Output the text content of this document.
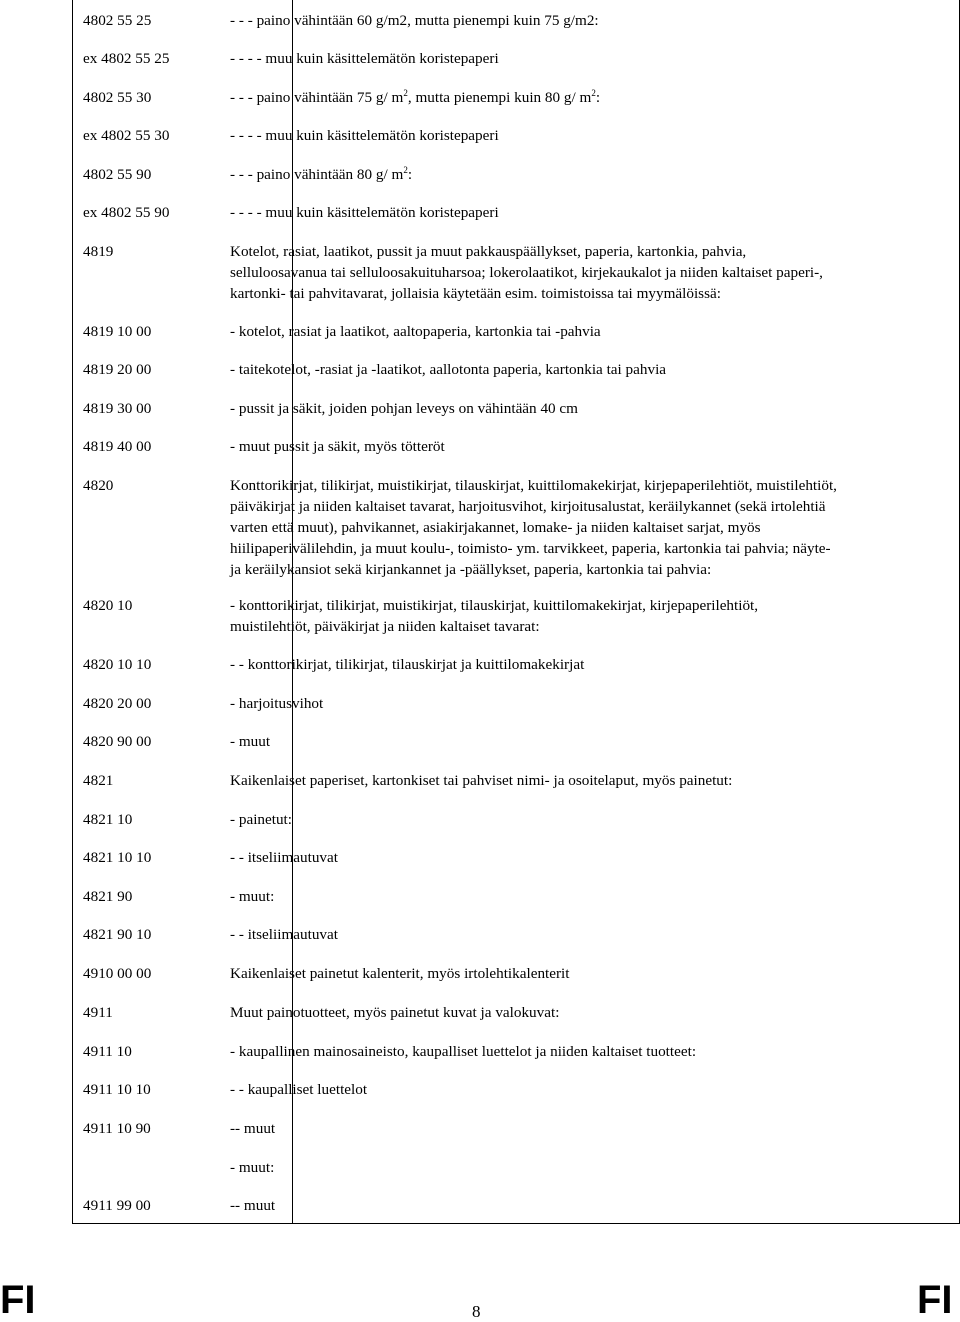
4802 55 25	- - - paino vähintään 60 g/m2, mutta pienempi kuin 75 g/m2:
ex 4802 55 25	- - - - muu kuin käsittelemätön koristepaperi
4802 55 30	- - - paino vähintään 75 g/ $m^2$, mutta pienempi kuin 80 g/ $m^2$:
ex 4802 55 30	- - - - muu kuin käsittelemätön koristepaperi
4802 55 90	- - - paino vähintään 80 g/ $m^2$:
ex 4802 55 90	- - - - muu kuin käsittelemätön koristepaperi
4819	Kotelot, rasiat, laatikot, pussit ja muut pakkauspäällykset, paperia, kartonkia, pahvia,
selluloosavanua tai selluloosakuituharsoa; lokerolaatikot, kirjekaukalot ja niiden kaltaiset paperi-,
kartonki- tai pahvitavarat, jollaisia käytetään esim. toimistoissa tai myymälöissä:
4819 10 00	- kotelot, rasiat ja laatikot, aaltopaperia, kartonkia tai -pahvia
4819 20 00	- taitekotelot, -rasiat ja -laatikot, aallotonta paperia, kartonkia tai pahvia
4819 30 00	- pussit ja säkit, joiden pohjan leveys on vähintään 40 cm
4819 40 00	- muut pussit ja säkit, myös tötteröt
4820	Konttorikirjat, tilikirjat, muistikirjat, tilauskirjat, kuittilomakekirjat, kirjepaperilehtiöt, muistilehtiöt,
päiväkirjat ja niiden kaltaiset tavarat, harjoitusvihot, kirjoitusalustat, keräilykannet (sekä irtolehtiä
varten että muut), pahvikannet, asiakirjakannet, lomake- ja niiden kaltaiset sarjat, myös
hiilipaperivälilehdin, ja muut koulu-, toimisto- ym. tarvikkeet, paperia, kartonkia tai pahvia; näyte-
ja keräilykansiot sekä kirjankannet ja -päällykset, paperia, kartonkia tai pahvia:
4820 10	- konttorikirjat, tilikirjat, muistikirjat, tilauskirjat, kuittilomakekirjat, kirjepaperilehtiöt,
muistilehtiöt, päiväkirjat ja niiden kaltaiset tavarat:
4820 10 10	- - konttorikirjat, tilikirjat, tilauskirjat ja kuittilomakekirjat
4820 20 00	- harjoitusvihot
4820 90 00	- muut
4821	Kaikenlaiset paperiset, kartonkiset tai pahviset nimi- ja osoitelaput, myös painetut:
4821 10	- painetut:
4821 10 10	- - itseliimautuvat
4821 90	- muut:
4821 90 10	- - itseliimautuvat
4910 00 00	Kaikenlaiset painetut kalenterit, myös irtolehtikalenterit
4911	Muut painotuotteet, myös painetut kuvat ja valokuvat:
4911 10	- kaupallinen mainosaineisto, kaupalliset luettelot ja niiden kaltaiset tuotteet:
4911 10 10	- - kaupalliset luettelot
4911 10 90	-- muut
- muut:
4911 99 00	-- muut
FI	8	FI
